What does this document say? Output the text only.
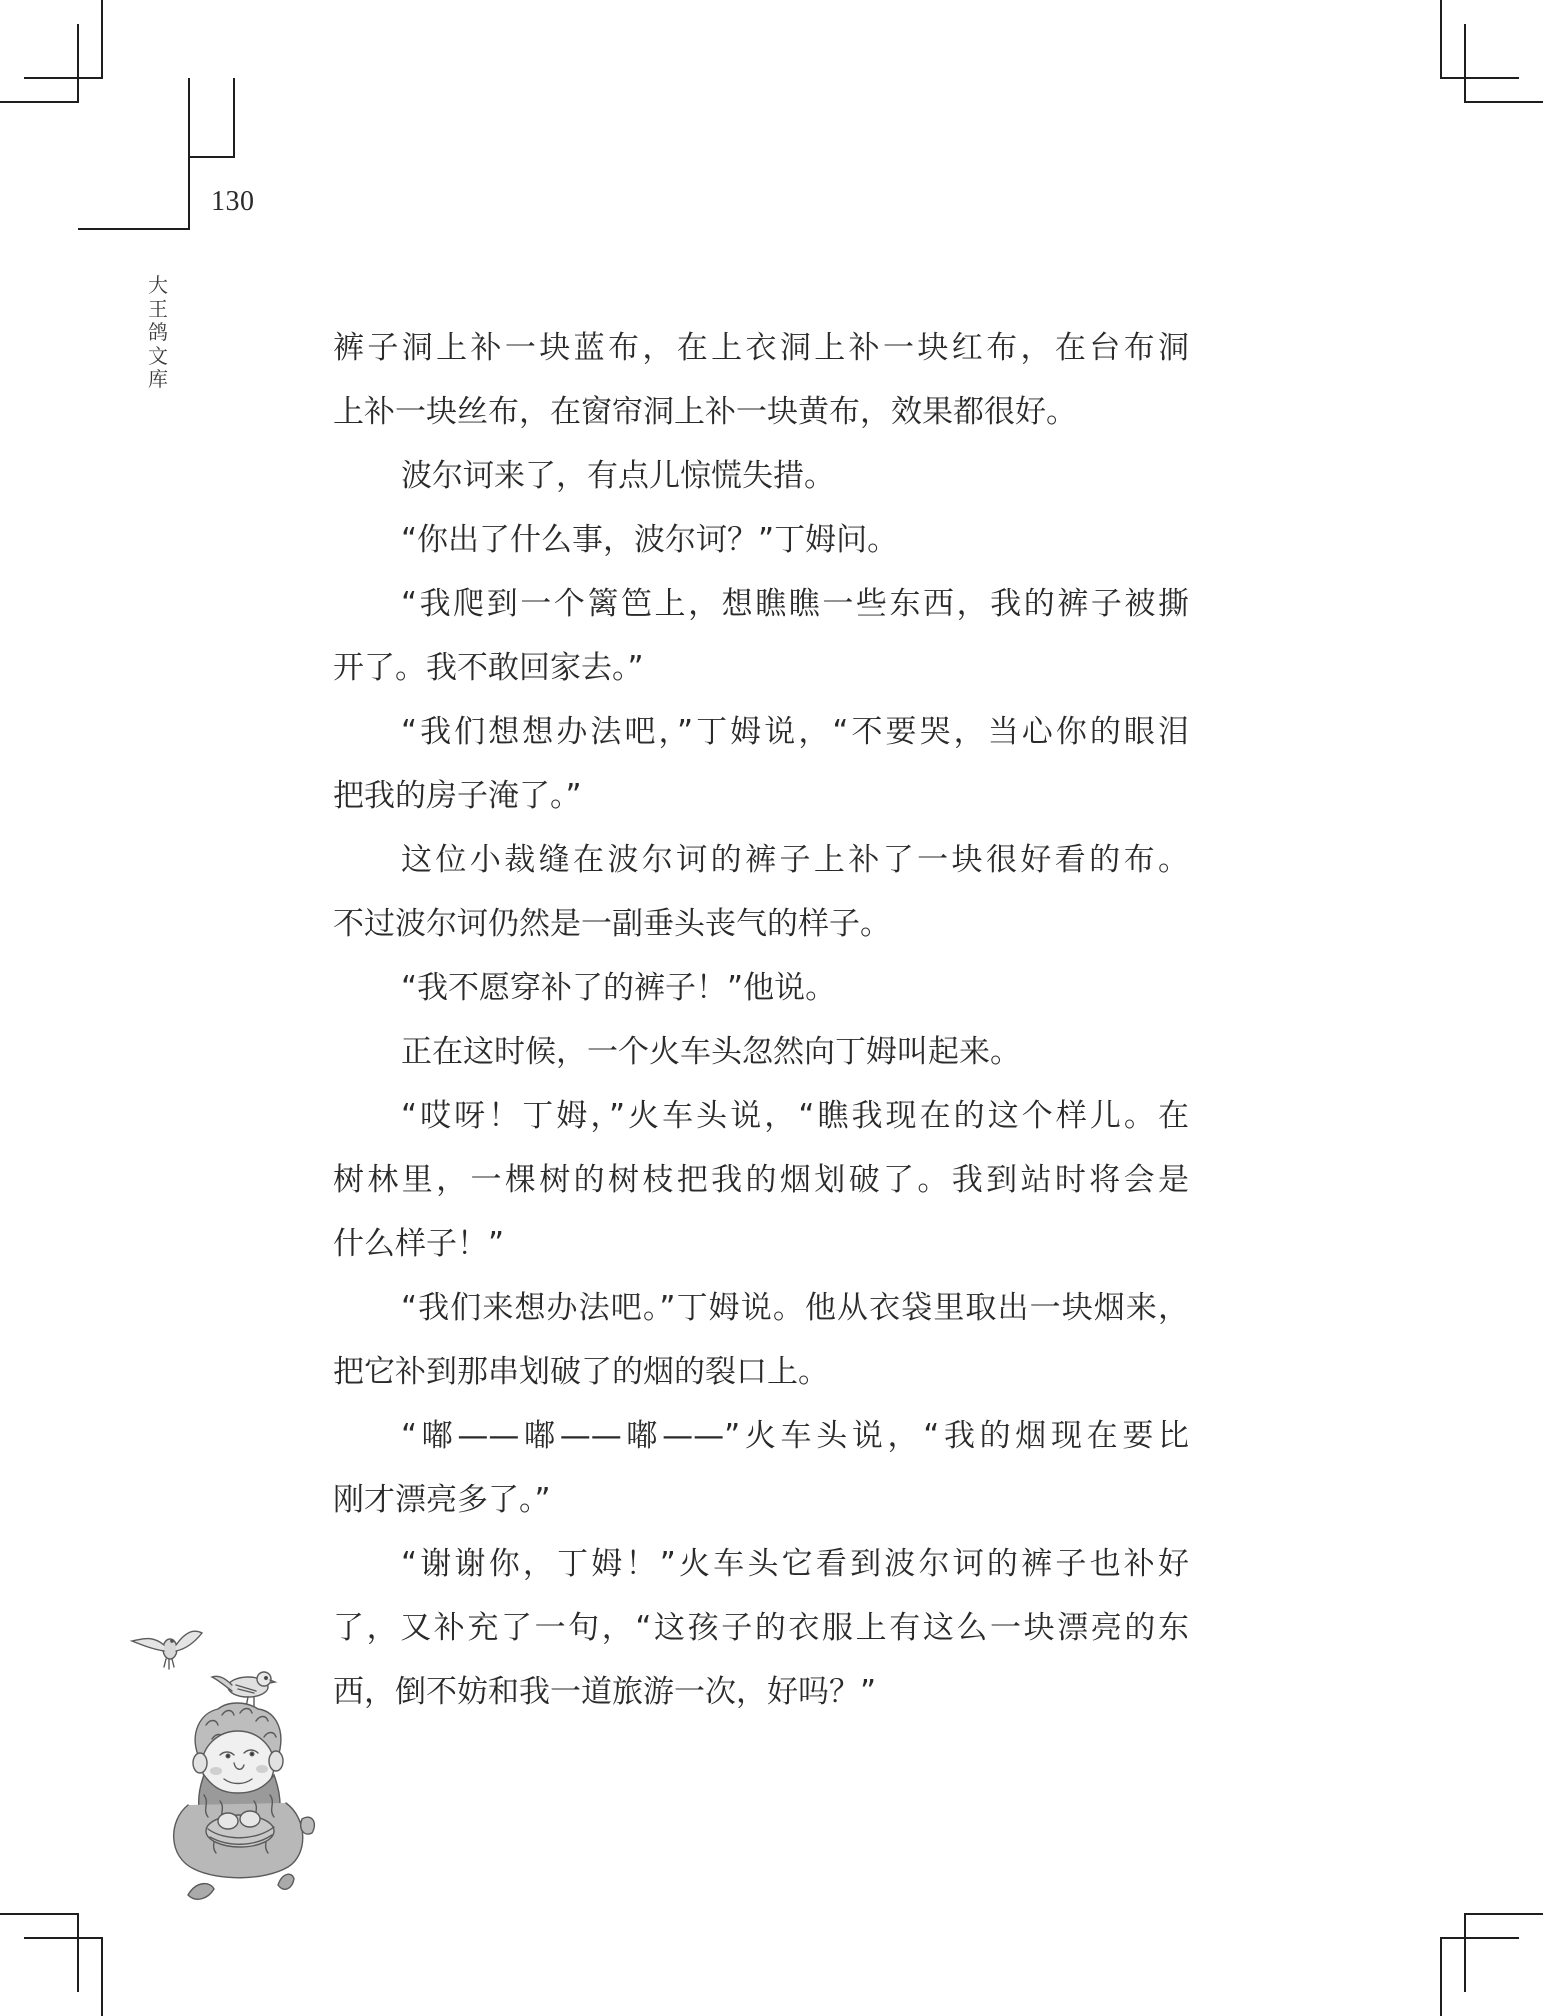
130
大王鸽文库
裤子洞上补一块蓝布，在上衣洞上补一块红布，在台布洞
上补一块丝布，在窗帘洞上补一块黄布，效果都很好。
波尔诃来了，有点儿惊慌失措。
“你出了什么事，波尔诃？”丁姆问。
“我爬到一个篱笆上，想瞧瞧一些东西，我的裤子被撕
开了。我不敢回家去。”
“我们想想办法吧，”丁姆说，“不要哭，当心你的眼泪
把我的房子淹了。”
这位小裁缝在波尔诃的裤子上补了一块很好看的布。
不过波尔诃仍然是一副垂头丧气的样子。
“我不愿穿补了的裤子！”他说。
正在这时候，一个火车头忽然向丁姆叫起来。
“哎呀！丁姆，”火车头说，“瞧我现在的这个样儿。在
树林里，一棵树的树枝把我的烟划破了。我到站时将会是
什么样子！”
“我们来想办法吧。”丁姆说。他从衣袋里取出一块烟来，
把它补到那串划破了的烟的裂口上。
“嘟——嘟——嘟——”火车头说，“我的烟现在要比
刚才漂亮多了。”
“谢谢你，丁姆！”火车头它看到波尔诃的裤子也补好
了，又补充了一句，“这孩子的衣服上有这么一块漂亮的东
西，倒不妨和我一道旅游一次，好吗？”
